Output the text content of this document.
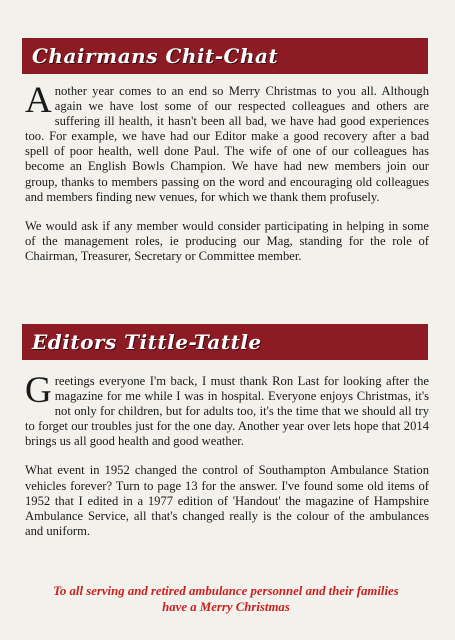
Chairmans Chit-Chat

Another year comes to an end so Merry Christmas to you all. Although again we have lost some of our respected colleagues and others are suffering ill health, it hasn't been all bad, we have had good experiences too. For example, we have had our Editor make a good recovery after a bad spell of poor health, well done Paul. The wife of one of our colleagues has become an English Bowls Champion. We have had new members join our group, thanks to members passing on the word and encouraging old colleagues and members finding new venues, for which we thank them profusely.

We would ask if any member would consider participating in helping in some of the management roles, ie producing our Mag, standing for the role of Chairman, Treasurer, Secretary or Committee member.

Editors Tittle-Tattle

Greetings everyone I'm back, I must thank Ron Last for looking after the magazine for me while I was in hospital. Everyone enjoys Christmas, it's not only for children, but for adults too, it's the time that we should all try to forget our troubles just for the one day. Another year over lets hope that 2014 brings us all good health and good weather.

What event in 1952 changed the control of Southampton Ambulance Station vehicles forever? Turn to page 13 for the answer. I've found some old items of 1952 that I edited in a 1977 edition of 'Handout' the magazine of Hampshire Ambulance Service, all that's changed really is the colour of the ambulances and uniform.

To all serving and retired ambulance personnel and their families
have a Merry Christmas
